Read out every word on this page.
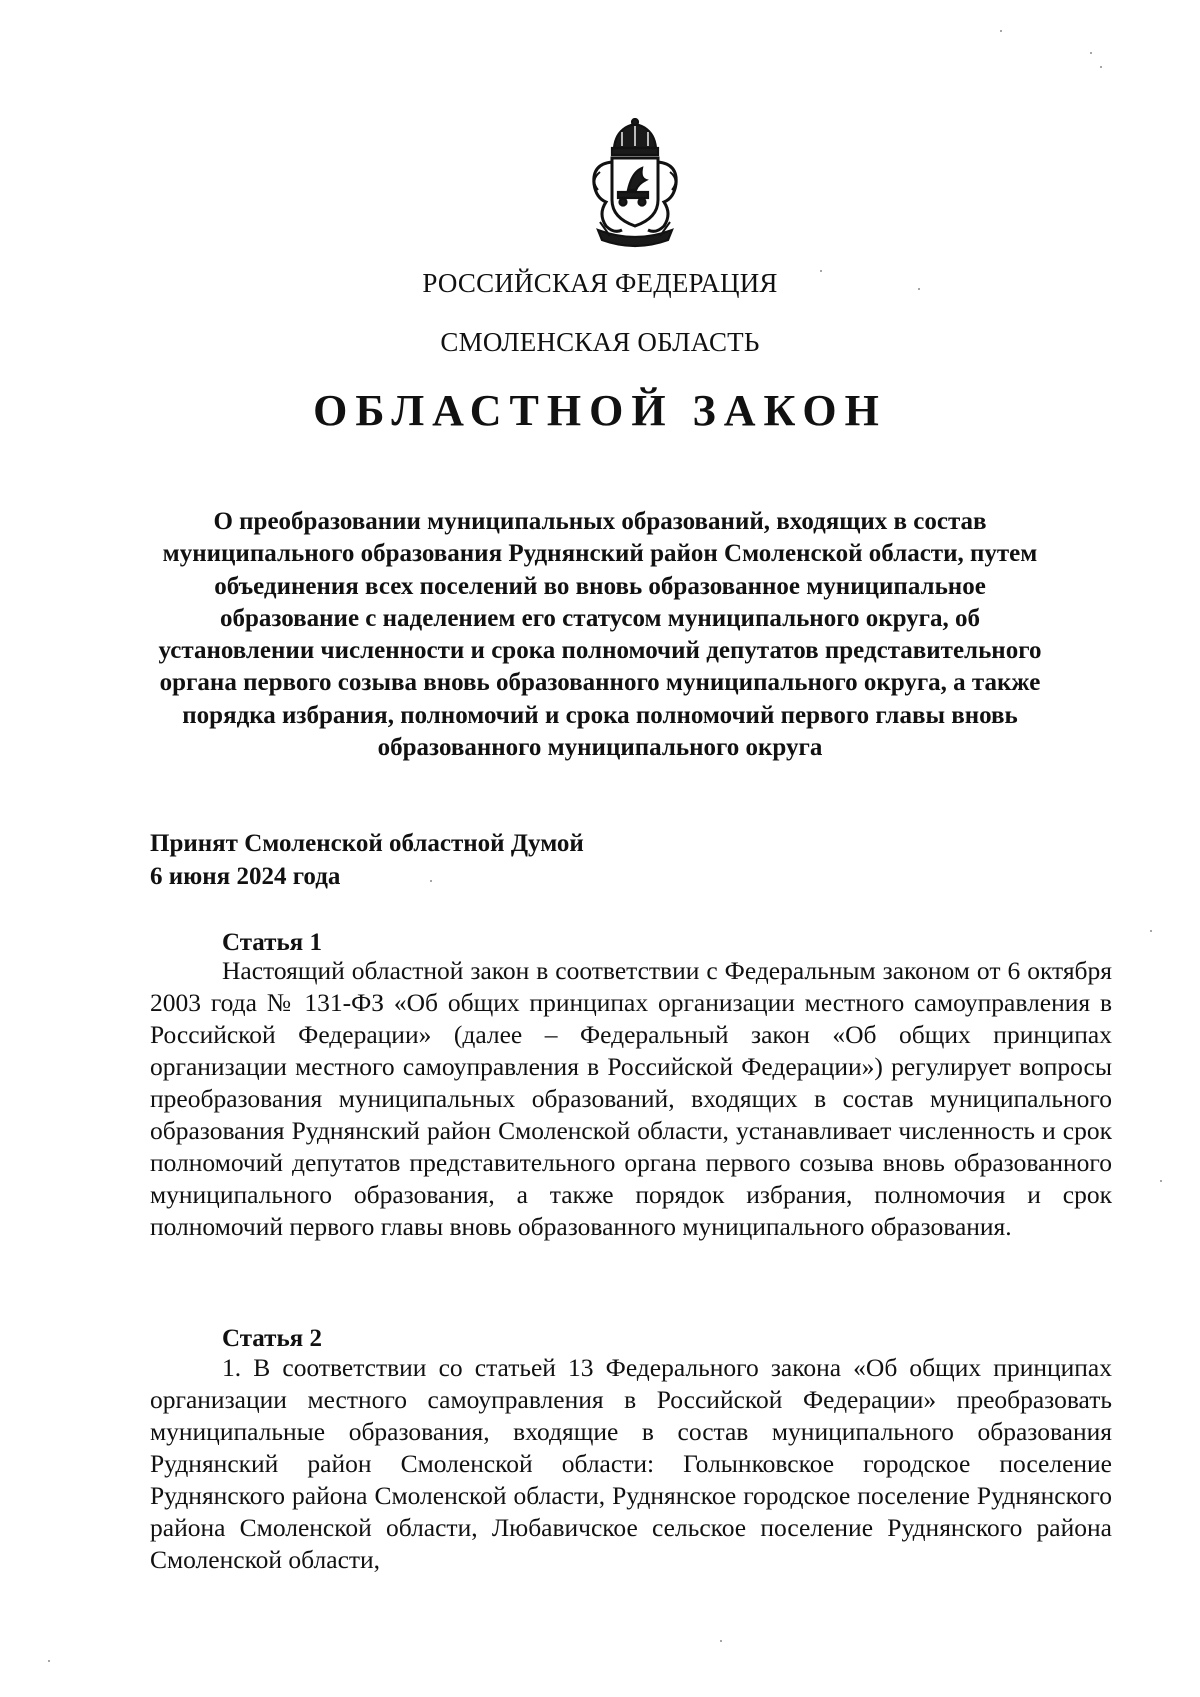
РОССИЙСКАЯ ФЕДЕРАЦИЯ
СМОЛЕНСКАЯ ОБЛАСТЬ
ОБЛАСТНОЙ ЗАКОН

О преобразовании муниципальных образований, входящих в состав муниципального образования Руднянский район Смоленской области, путем объединения всех поселений во вновь образованное муниципальное образование с наделением его статусом муниципального округа, об установлении численности и срока полномочий депутатов представительного органа первого созыва вновь образованного муниципального округа, а также порядка избрания, полномочий и срока полномочий первого главы вновь образованного муниципального округа

Принят Смоленской областной Думой
6 июня 2024 года
Статья 1

Настоящий областной закон в соответствии с Федеральным законом от 6 октября 2003 года № 131-ФЗ «Об общих принципах организации местного самоуправления в Российской Федерации» (далее – Федеральный закон «Об общих принципах организации местного самоуправления в Российской Федерации») регулирует вопросы преобразования муниципальных образований, входящих в состав муниципального образования Руднянский район Смоленской области, устанавливает численность и срок полномочий депутатов представительного органа первого созыва вновь образованного муниципального образования, а также порядок избрания, полномочия и срок полномочий первого главы вновь образованного муниципального образования.

Статья 2

1. В соответствии со статьей 13 Федерального закона «Об общих принципах организации местного самоуправления в Российской Федерации» преобразовать муниципальные образования, входящие в состав муниципального образования Руднянский район Смоленской области: Голынковское городское поселение Руднянского района Смоленской области, Руднянское городское поселение Руднянского района Смоленской области, Любавичское сельское поселение Руднянского района Смоленской области,
